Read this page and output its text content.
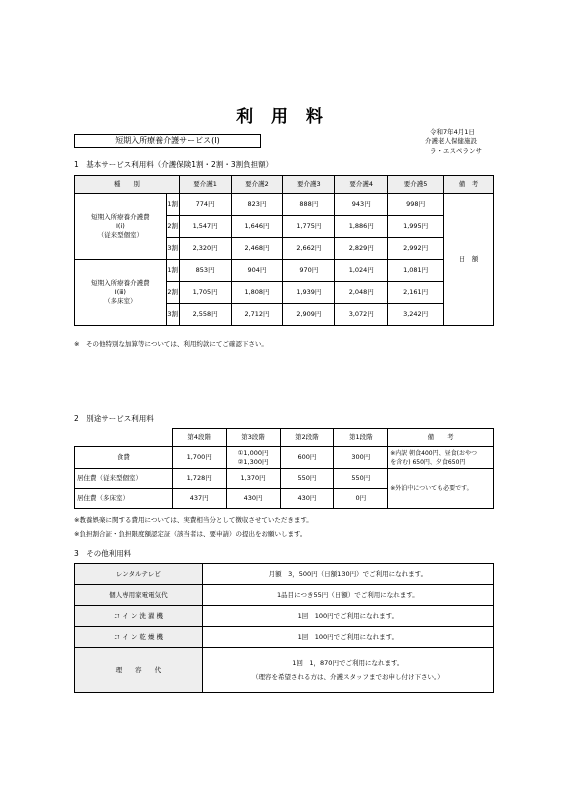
利 用 料
短期入所療養介護サービス(Ⅰ)
令和7年4月1日
介護老人保健施設
ラ・エスペランサ
1　基本サービス利用料（介護保険1割・2割・3割負担額）
種　　別		要介護1	要介護2	要介護3	要介護4	要介護5	備　考

短期入所療養介護費
Ⅰ(ⅰ)
（従来型個室）	1割	774円	823円	888円	943円	998円	日　額
	2割	1,547円	1,646円	1,775円	1,886円	1,995円	
	3割	2,320円	2,468円	2,662円	2,829円	2,992円	

短期入所療養介護費
Ⅰ(ⅲ)
（多床室）	1割	853円	904円	970円	1,024円	1,081円	
	2割	1,705円	1,808円	1,939円	2,048円	2,161円	
	3割	2,558円	2,712円	2,909円	3,072円	3,242円	
※　その他特別な加算等については、利用約款にてご確認下さい。
2　別途サービス利用料
	第4段階	第3段階	第2段階	第1段階	備　　考
食費	1,700円	①1,000円
②1,300円	600円	300円	※内訳 朝食400円、昼食(おやつ
を含む) 650円、夕食650円

居住費（従来型個室）	1,728円	1,370円	550円	550円	※外泊中についても必要です。
居住費（多床室）	437円	430円	430円	0円	
※教養娯楽に関する費用については、実費相当分として徴収させていただきます。
※負担割合証・負担限度額認定証（該当者は、要申請）の提出をお願いします。
3　その他利用料
レンタルテレビ	月額　3，500円（日額130円）でご利用になれます。
個人専用家電電気代	1品目につき55円（日額）でご利用になれます。
コ イ ン 洗 濯 機	1回　100円でご利用になれます。
コ イ ン 乾 燥 機	1回　100円でご利用になれます。
理　　容　　代	1回　1，870円でご利用になれます。
（理容を希望される方は、介護スタッフまでお申し付け下さい。）
